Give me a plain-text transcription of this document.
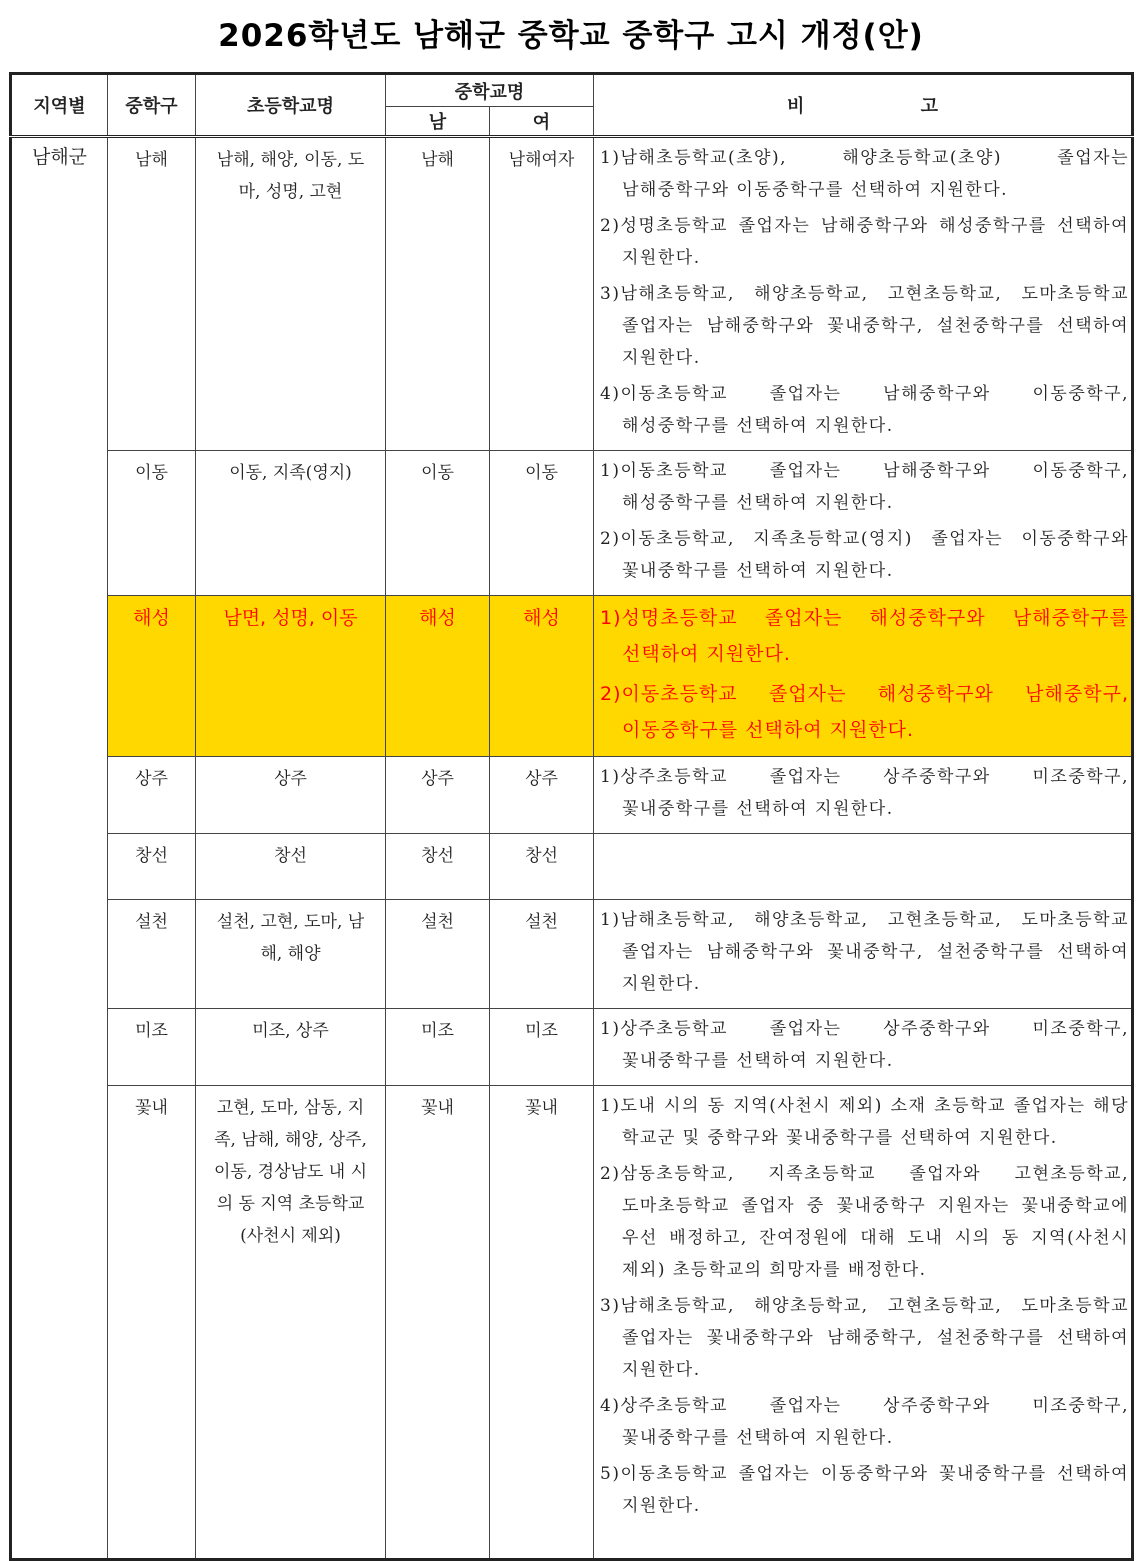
2026학년도 남해군 중학교 중학구 고시 개정(안)
지역별	중학구	초등학교명	중학교명		비 고
			남	여	
남해군	남해	남해, 해양, 이동, 도마, 성명, 고현	남해	남해여자	1)남해초등학교(초양), 해양초등학교(초양) 졸업자는 남해중학구와 이동중학구를 선택하여 지원한다.

2)성명초등학교 졸업자는 남해중학구와 해성중학구를 선택하여 지원한다.

3)남해초등학교, 해양초등학교, 고현초등학교, 도마초등학교 졸업자는 남해중학구와 꽃내중학구, 설천중학구를 선택하여 지원한다.

4)이동초등학교 졸업자는 남해중학구와 이동중학구,해성중학구를 선택하여 지원한다.

	이동	이동, 지족(영지)	이동	이동	1)이동초등학교 졸업자는 남해중학구와 이동중학구, 해성중학구를 선택하여 지원한다.

2)이동초등학교, 지족초등학교(영지) 졸업자는 이동중학구와 꽃내중학구를 선택하여 지원한다.

	해성	남면, 성명, 이동	해성	해성	1)성명초등학교 졸업자는 해성중학구와 남해중학구를 선택하여 지원한다.

2)이동초등학교 졸업자는 해성중학구와 남해중학구, 이동중학구를 선택하여 지원한다.

	상주	상주	상주	상주	1)상주초등학교 졸업자는 상주중학구와 미조중학구, 꽃내중학구를 선택하여 지원한다.

	창선	창선	창선	창선	

	설천	설천, 고현, 도마, 남해, 해양	설천	설천	1)남해초등학교, 해양초등학교, 고현초등학교, 도마초등학교 졸업자는 남해중학구와 꽃내중학구, 설천중학구를 선택하여 지원한다.

	미조	미조, 상주	미조	미조	1)상주초등학교 졸업자는 상주중학구와 미조중학구, 꽃내중학구를 선택하여 지원한다.

	꽃내	고현, 도마, 삼동, 지족, 남해, 해양, 상주, 이동, 경상남도 내 시의 동 지역 초등학교 (사천시 제외)	꽃내	꽃내	1)도내 시의 동 지역(사천시 제외) 소재 초등학교 졸업자는 해당 학교군 및 중학구와 꽃내중학구를 선택하여 지원한다.

2)삼동초등학교, 지족초등학교 졸업자와 고현초등학교, 도마초등학교 졸업자 중 꽃내중학구 지원자는 꽃내중학교에 우선 배정하고, 잔여정원에 대해 도내 시의 동 지역(사천시 제외) 초등학교의 희망자를 배정한다.

3)남해초등학교, 해양초등학교, 고현초등학교, 도마초등학교 졸업자는 꽃내중학구와 남해중학구, 설천중학구를 선택하여 지원한다.

4)상주초등학교 졸업자는 상주중학구와 미조중학구, 꽃내중학구를 선택하여 지원한다.

5)이동초등학교 졸업자는 이동중학구와 꽃내중학구를 선택하여 지원한다.
